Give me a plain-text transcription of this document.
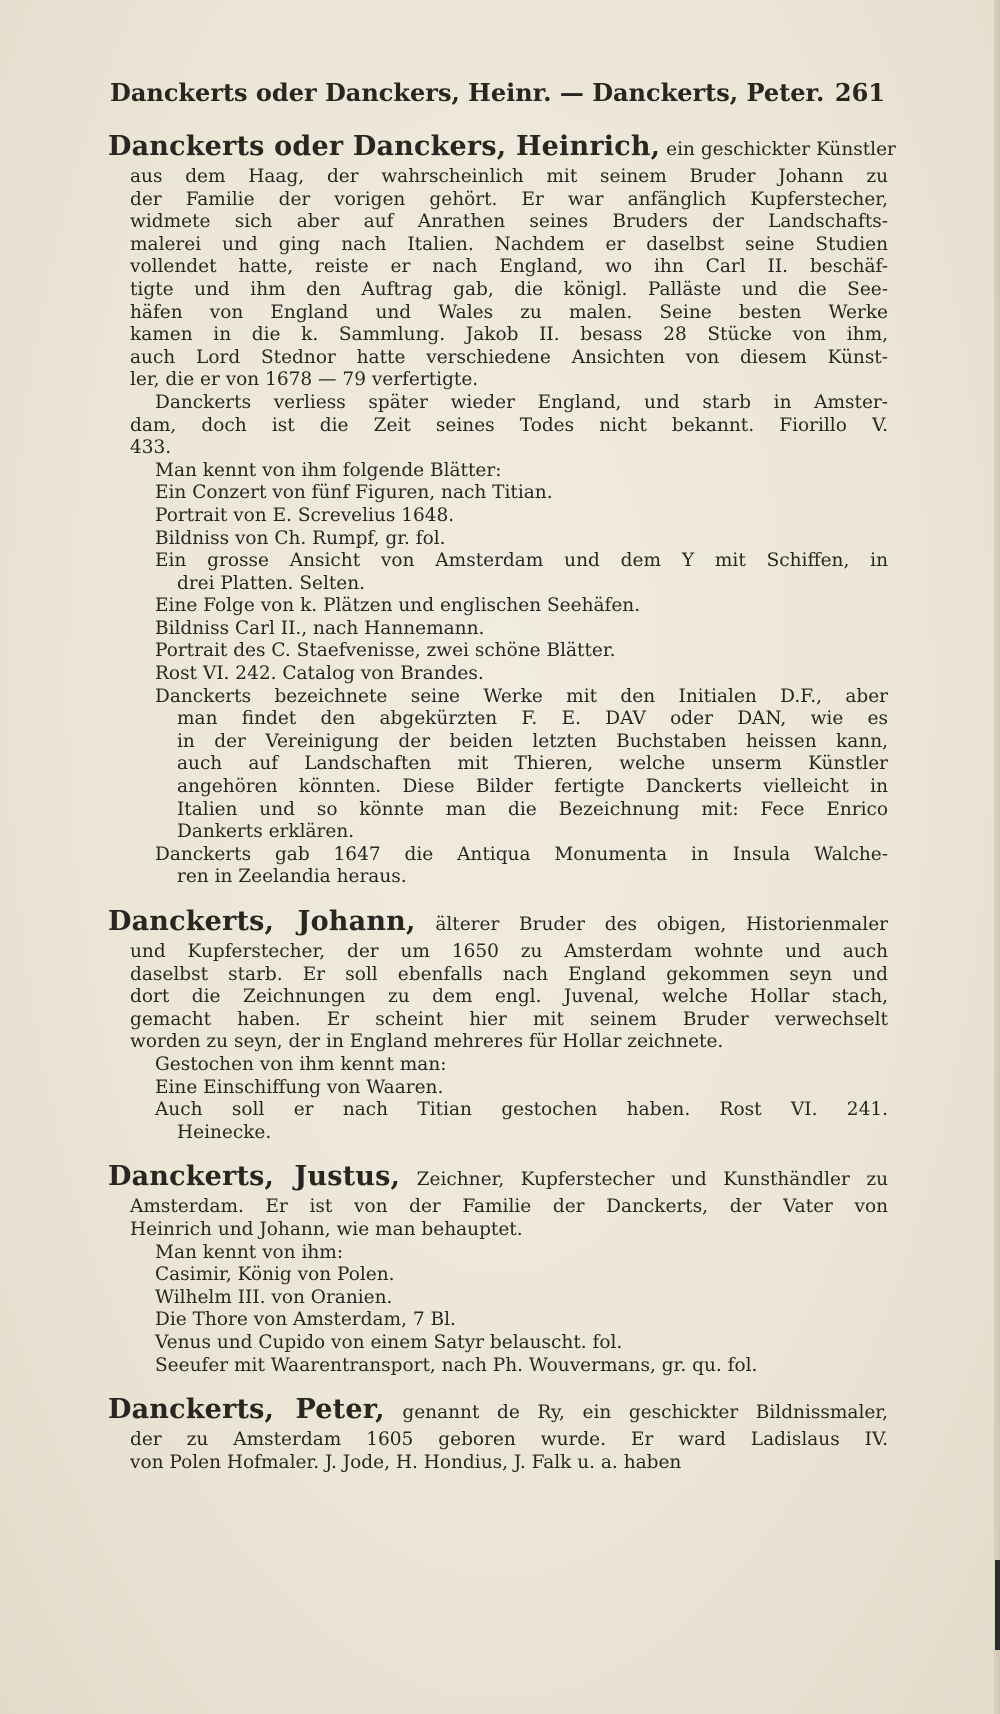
Danckerts oder Danckers, Heinr. — Danckerts, Peter. 261
Danckerts oder Danckers, Heinrich, ein geschickter Künstler
aus dem Haag, der wahrscheinlich mit seinem Bruder Johann zu
der Familie der vorigen gehört. Er war anfänglich Kupferstecher,
widmete sich aber auf Anrathen seines Bruders der Landschafts-
malerei und ging nach Italien. Nachdem er daselbst seine Studien
vollendet hatte, reiste er nach England, wo ihn Carl II. beschäf-
tigte und ihm den Auftrag gab, die königl. Palläste und die See-
häfen von England und Wales zu malen. Seine besten Werke
kamen in die k. Sammlung. Jakob II. besass 28 Stücke von ihm,
auch Lord Stednor hatte verschiedene Ansichten von diesem Künst-
ler, die er von 1678 — 79 verfertigte.
Danckerts verliess später wieder England, und starb in Amster-
dam, doch ist die Zeit seines Todes nicht bekannt. Fiorillo V.
433.
Man kennt von ihm folgende Blätter:
Ein Conzert von fünf Figuren, nach Titian.
Portrait von E. Screvelius 1648.
Bildniss von Ch. Rumpf, gr. fol.
Ein grosse Ansicht von Amsterdam und dem Y mit Schiffen, in
drei Platten. Selten.
Eine Folge von k. Plätzen und englischen Seehäfen.
Bildniss Carl II., nach Hannemann.
Portrait des C. Staefvenisse, zwei schöne Blätter.
Rost VI. 242. Catalog von Brandes.
Danckerts bezeichnete seine Werke mit den Initialen D.F., aber
man findet den abgekürzten F. E. DAV oder DAN, wie es
in der Vereinigung der beiden letzten Buchstaben heissen kann,
auch auf Landschaften mit Thieren, welche unserm Künstler
angehören könnten. Diese Bilder fertigte Danckerts vielleicht in
Italien und so könnte man die Bezeichnung mit: Fece Enrico
Dankerts erklären.
Danckerts gab 1647 die Antiqua Monumenta in Insula Walche-
ren in Zeelandia heraus.
Danckerts, Johann, älterer Bruder des obigen, Historienmaler
und Kupferstecher, der um 1650 zu Amsterdam wohnte und auch
daselbst starb. Er soll ebenfalls nach England gekommen seyn und
dort die Zeichnungen zu dem engl. Juvenal, welche Hollar stach,
gemacht haben. Er scheint hier mit seinem Bruder verwechselt
worden zu seyn, der in England mehreres für Hollar zeichnete.
Gestochen von ihm kennt man:
Eine Einschiffung von Waaren.
Auch soll er nach Titian gestochen haben. Rost VI. 241.
Heinecke.
Danckerts, Justus, Zeichner, Kupferstecher und Kunsthändler zu
Amsterdam. Er ist von der Familie der Danckerts, der Vater von
Heinrich und Johann, wie man behauptet.
Man kennt von ihm:
Casimir, König von Polen.
Wilhelm III. von Oranien.
Die Thore von Amsterdam, 7 Bl.
Venus und Cupido von einem Satyr belauscht. fol.
Seeufer mit Waarentransport, nach Ph. Wouvermans, gr. qu. fol.
Danckerts, Peter, genannt de Ry, ein geschickter Bildnissmaler,
der zu Amsterdam 1605 geboren wurde. Er ward Ladislaus IV.
von Polen Hofmaler. J. Jode, H. Hondius, J. Falk u. a. haben
